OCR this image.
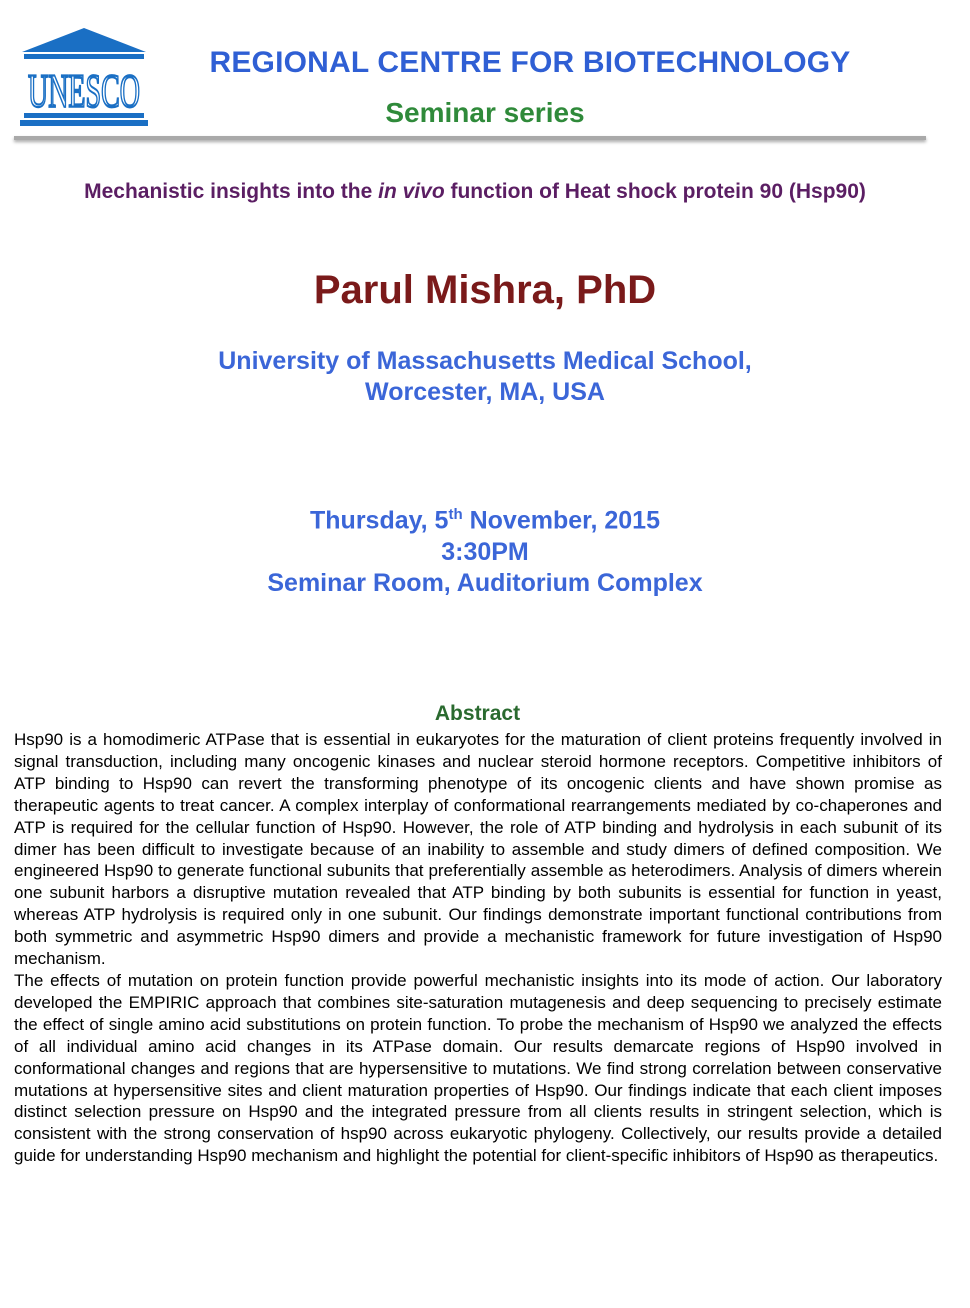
UNESCO
REGIONAL CENTRE FOR BIOTECHNOLOGY
Seminar series
Mechanistic insights into the in vivo function of Heat shock protein 90 (Hsp90)
Parul Mishra, PhD
University of Massachusetts Medical School,
Worcester, MA, USA
Thursday, 5th November, 2015
3:30PM
Seminar Room, Auditorium Complex
Abstract

Hsp90 is a homodimeric ATPase that is essential in eukaryotes for the maturation of client proteins frequently involved in signal transduction, including many oncogenic kinases and nuclear steroid hormone receptors. Competitive inhibitors of ATP binding to Hsp90 can revert the transforming phenotype of its oncogenic clients and have shown promise as therapeutic agents to treat cancer. A complex interplay of conformational rearrangements mediated by co-chaperones and ATP is required for the cellular function of Hsp90. However, the role of ATP binding and hydrolysis in each subunit of its dimer has been difficult to investigate because of an inability to assemble and study dimers of defined composition. We engineered Hsp90 to generate functional subunits that preferentially assemble as heterodimers. Analysis of dimers wherein one subunit harbors a disruptive mutation revealed that ATP binding by both subunits is essential for function in yeast, whereas ATP hydrolysis is required only in one subunit. Our findings demonstrate important functional contributions from both symmetric and asymmetric Hsp90 dimers and provide a mechanistic framework for future investigation of Hsp90 mechanism.

The effects of mutation on protein function provide powerful mechanistic insights into its mode of action. Our laboratory developed the EMPIRIC approach that combines site-saturation mutagenesis and deep sequencing to precisely estimate the effect of single amino acid substitutions on protein function. To probe the mechanism of Hsp90 we analyzed the effects of all individual amino acid changes in its ATPase domain. Our results demarcate regions of Hsp90 involved in conformational changes and regions that are hypersensitive to mutations. We find strong correlation between conservative mutations at hypersensitive sites and client maturation properties of Hsp90. Our findings indicate that each client imposes distinct selection pressure on Hsp90 and the integrated pressure from all clients results in stringent selection, which is consistent with the strong conservation of hsp90 across eukaryotic phylogeny. Collectively, our results provide a detailed guide for understanding Hsp90 mechanism and highlight the potential for client-specific inhibitors of Hsp90 as therapeutics.
